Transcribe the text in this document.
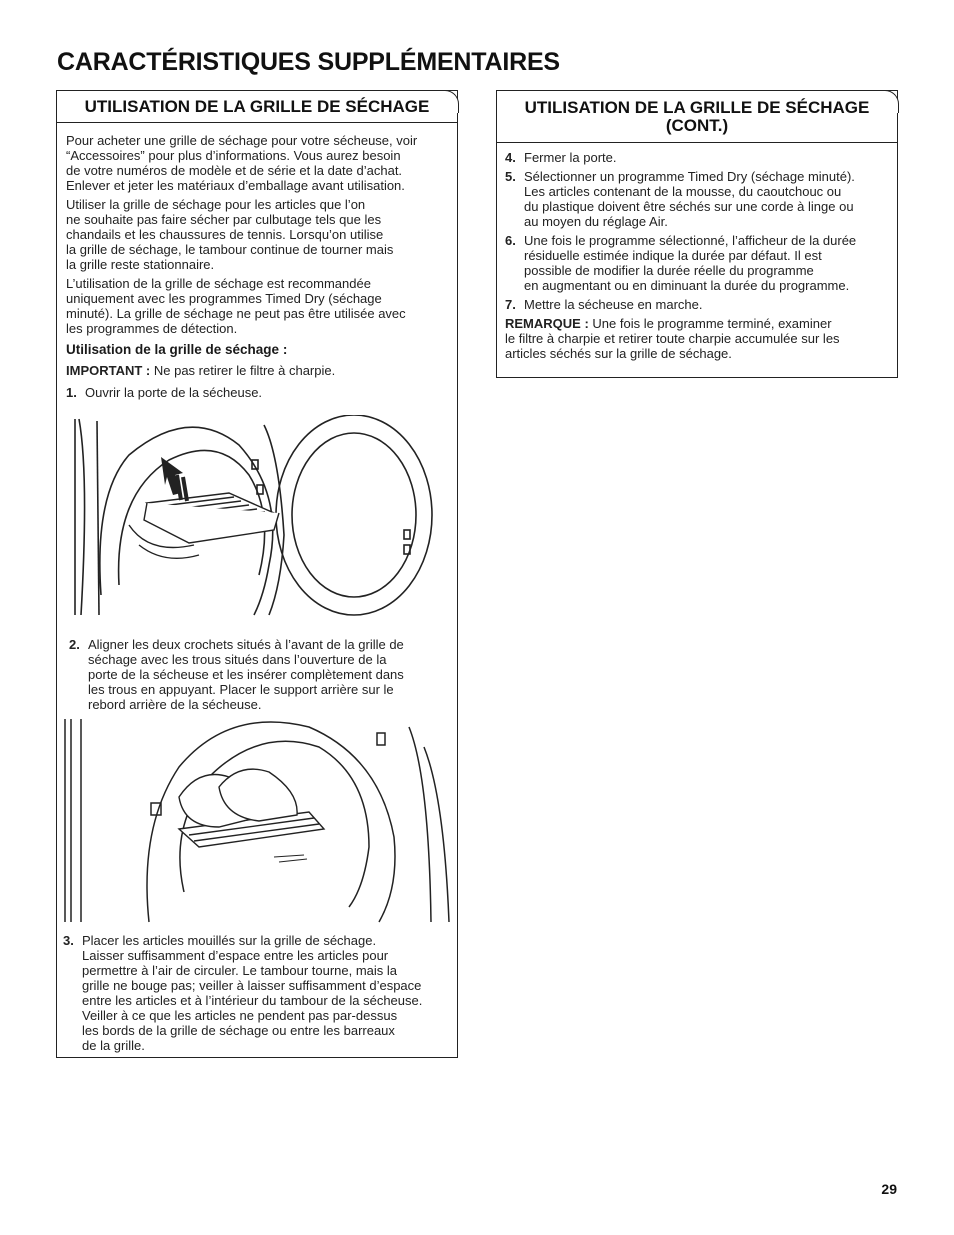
CARACTÉRISTIQUES SUPPLÉMENTAIRES
UTILISATION DE LA GRILLE DE SÉCHAGE
Pour acheter une grille de séchage pour votre sécheuse, voir
“Accessoires” pour plus d’informations. Vous aurez besoin
de votre numéros de modèle et de série et la date d’achat.
Enlever et jeter les matériaux d’emballage avant utilisation.
Utiliser la grille de séchage pour les articles que l’on
ne souhaite pas faire sécher par culbutage tels que les
chandails et les chaussures de tennis. Lorsqu’on utilise
la grille de séchage, le tambour continue de tourner mais
la grille reste stationnaire.
L’utilisation de la grille de séchage est recommandée
uniquement avec les programmes Timed Dry (séchage
minuté). La grille de séchage ne peut pas être utilisée avec
les programmes de détection.
Utilisation de la grille de séchage :
IMPORTANT : Ne pas retirer le filtre à charpie.
1. Ouvrir la porte de la sécheuse.
2. Aligner les deux crochets situés à l’avant de la grille de
séchage avec les trous situés dans l’ouverture de la
porte de la sécheuse et les insérer complètement dans
les trous en appuyant. Placer le support arrière sur le
rebord arrière de la sécheuse.
3. Placer les articles mouillés sur la grille de séchage.
Laisser suffisamment d’espace entre les articles pour
permettre à l’air de circuler. Le tambour tourne, mais la
grille ne bouge pas; veiller à laisser suffisamment d’espace
entre les articles et à l’intérieur du tambour de la sécheuse.
Veiller à ce que les articles ne pendent pas par-dessus
les bords de la grille de séchage ou entre les barreaux
de la grille.
UTILISATION DE LA GRILLE DE SÉCHAGE
(CONT.)
4. Fermer la porte.
5. Sélectionner un programme Timed Dry (séchage minuté).
Les articles contenant de la mousse, du caoutchouc ou
du plastique doivent être séchés sur une corde à linge ou
au moyen du réglage Air.
6. Une fois le programme sélectionné, l’afficheur de la durée
résiduelle estimée indique la durée par défaut. Il est
possible de modifier la durée réelle du programme
en augmentant ou en diminuant la durée du programme.
7. Mettre la sécheuse en marche.
REMARQUE : Une fois le programme terminé, examiner
le filtre à charpie et retirer toute charpie accumulée sur les
articles séchés sur la grille de séchage.

29
